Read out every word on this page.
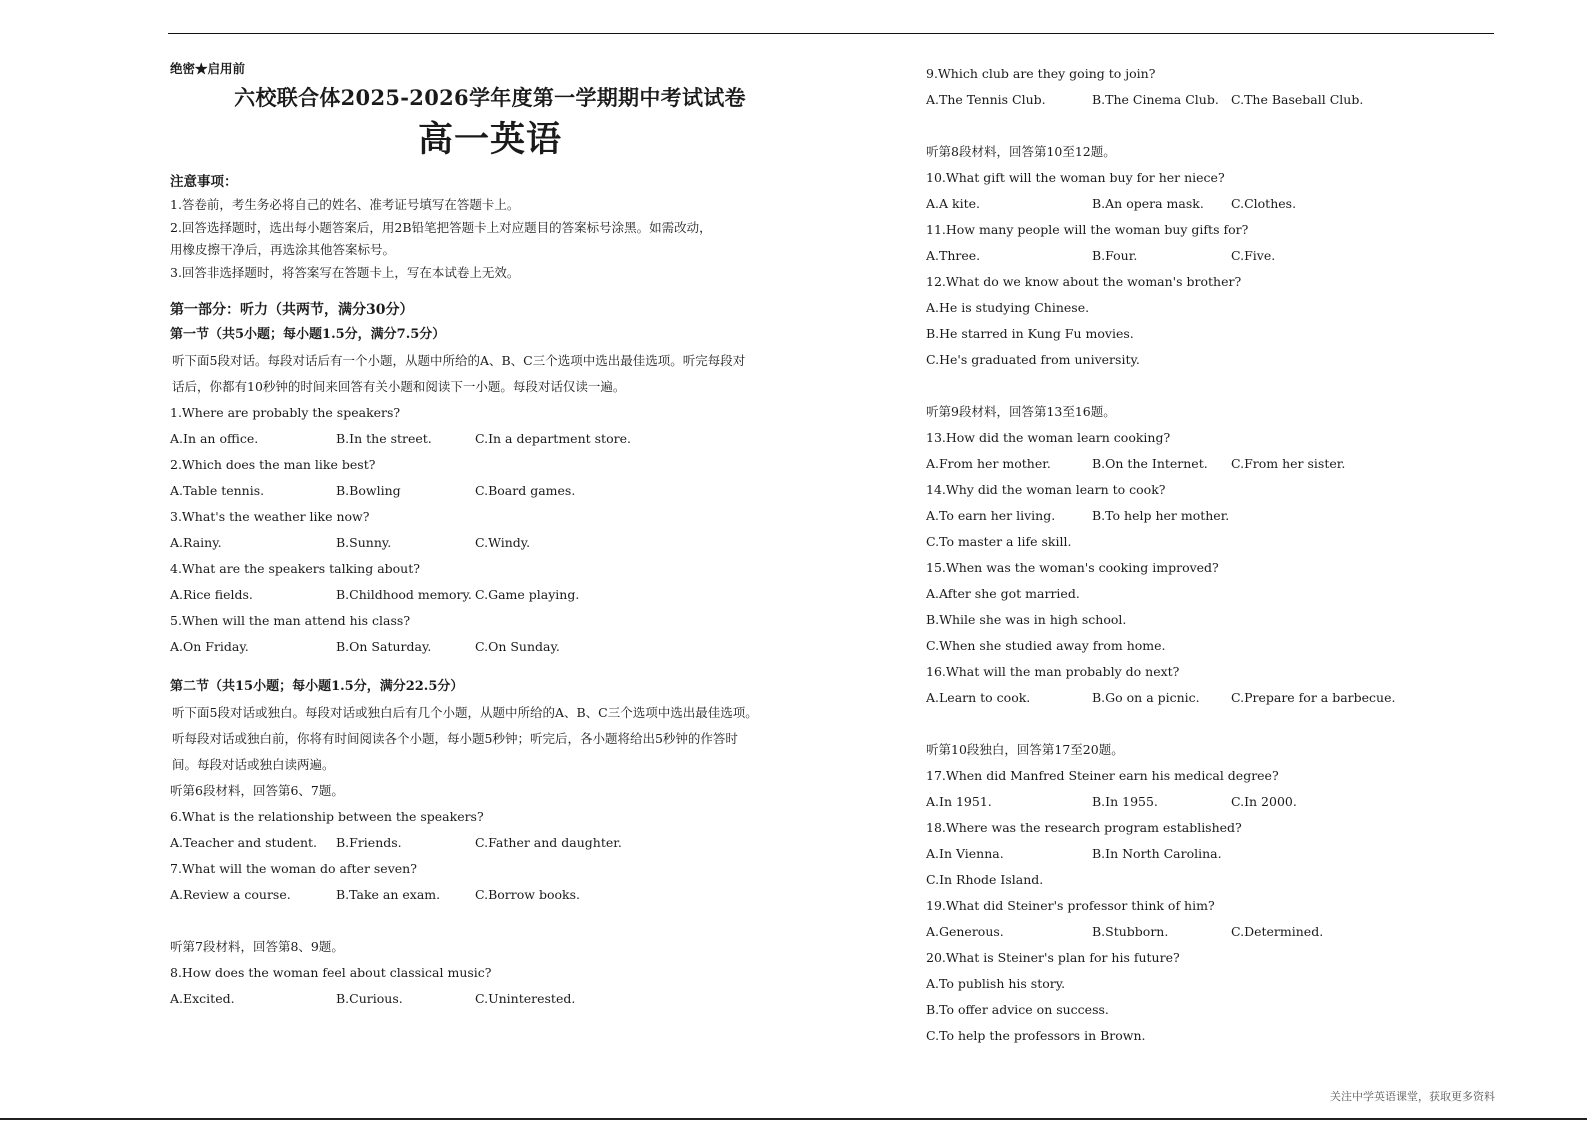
绝密★启用前
六校联合体2025-2026学年度第一学期期中考试试卷
高一英语
注意事项：
1.答卷前，考生务必将自己的姓名、准考证号填写在答题卡上。
2.回答选择题时，选出每小题答案后，用2B铅笔把答题卡上对应题目的答案标号涂黑。如需改动，
用橡皮擦干净后，再选涂其他答案标号。
3.回答非选择题时，将答案写在答题卡上，写在本试卷上无效。
第一部分：听力（共两节，满分30分）
第一节（共5小题；每小题1.5分，满分7.5分）
听下面5段对话。每段对话后有一个小题，从题中所给的A、B、C三个选项中选出最佳选项。听完每段对
话后，你都有10秒钟的时间来回答有关小题和阅读下一小题。每段对话仅读一遍。
1.Where are probably the speakers?
A.In an office.	B.In the street.	C.In a department store.
2.Which does the man like best?
A.Table tennis.	B.Bowling	C.Board games.
3.What's the weather like now?
A.Rainy.	B.Sunny.	C.Windy.
4.What are the speakers talking about?
A.Rice fields.	B.Childhood memory. C.Game playing.
5.When will the man attend his class?
A.On Friday.	B.On Saturday.	C.On Sunday.
第二节（共15小题；每小题1.5分，满分22.5分）
听下面5段对话或独白。每段对话或独白后有几个小题，从题中所给的A、B、C三个选项中选出最佳选项。
听每段对话或独白前，你将有时间阅读各个小题，每小题5秒钟；听完后，各小题将给出5秒钟的作答时
间。每段对话或独白读两遍。
听第6段材料，回答第6、7题。
6.What is the relationship between the speakers?
A.Teacher and student. B.Friends.	C.Father and daughter.
7.What will the woman do after seven?
A.Review a course.	B.Take an exam.	C.Borrow books.
听第7段材料，回答第8、9题。
8.How does the woman feel about classical music?
A.Excited.	B.Curious.	C.Uninterested.
9.Which club are they going to join?
A.The Tennis Club.	B.The Cinema Club. C.The Baseball Club.
听第8段材料，回答第10至12题。
10.What gift will the woman buy for her niece?
A.A kite.	B.An opera mask. C.Clothes.
11.How many people will the woman buy gifts for?
A.Three.	B.Four.	C.Five.
12.What do we know about the woman's brother?
A.He is studying Chinese.
B.He starred in Kung Fu movies.
C.He's graduated from university.
听第9段材料，回答第13至16题。
13.How did the woman learn cooking?
A.From her mother.	B.On the Internet. C.From her sister.
14.Why did the woman learn to cook?
A.To earn her living.	B.To help her mother.
C.To master a life skill.
15.When was the woman's cooking improved?
A.After she got married.
B.While she was in high school.
C.When she studied away from home.
16.What will the man probably do next?
A.Learn to cook.	B.Go on a picnic.	C.Prepare for a barbecue.
听第10段独白，回答第17至20题。
17.When did Manfred Steiner earn his medical degree?
A.In 1951.	B.In 1955.	C.In 2000.
18.Where was the research program established?
A.In Vienna.	B.In North Carolina.
C.In Rhode Island.
19.What did Steiner's professor think of him?
A.Generous.	B.Stubborn.	C.Determined.
20.What is Steiner's plan for his future?
A.To publish his story.
B.To offer advice on success.
C.To help the professors in Brown.
关注中学英语课堂，获取更多资料
